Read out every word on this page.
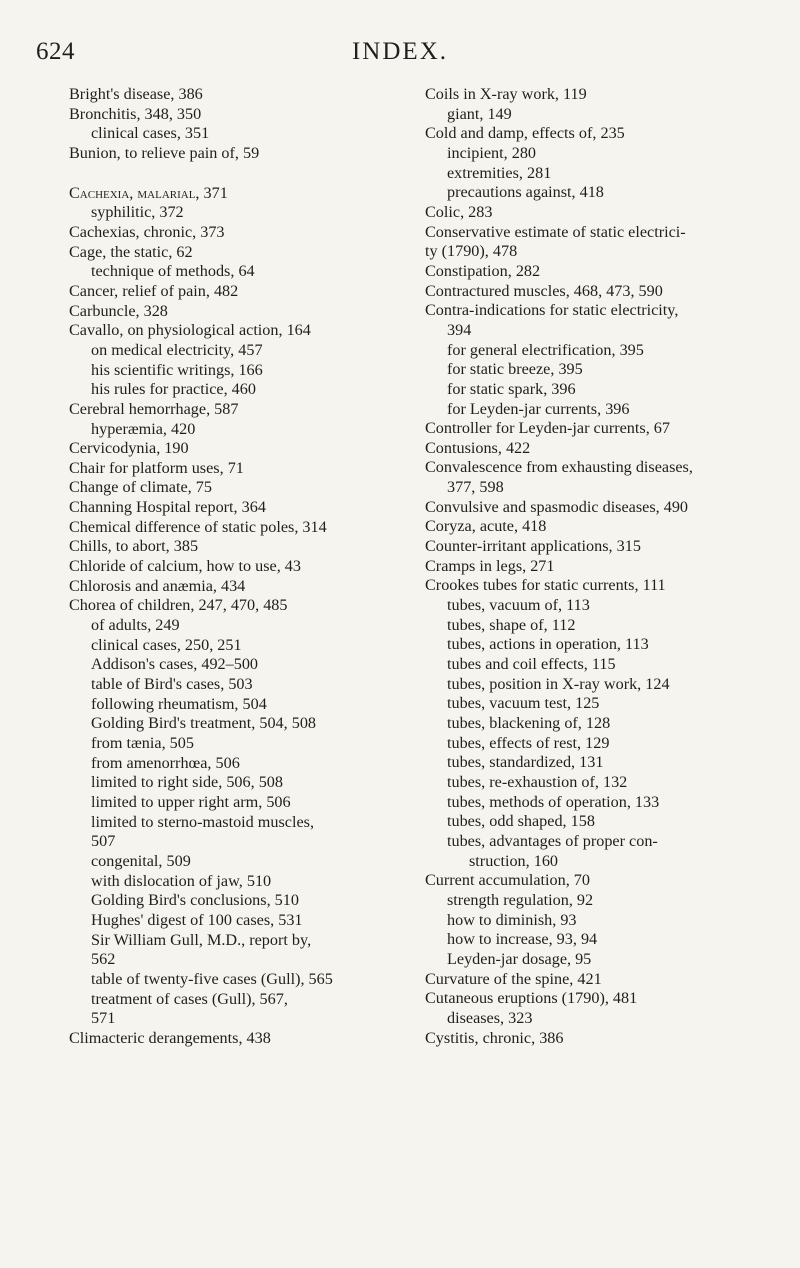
624	INDEX.
Bright's disease, 386
Bronchitis, 348, 350
clinical cases, 351
Bunion, to relieve pain of, 59
Cachexia, malarial, 371
syphilitic, 372
Cachexias, chronic, 373
Cage, the static, 62
technique of methods, 64
Cancer, relief of pain, 482
Carbuncle, 328
Cavallo, on physiological action, 164
on medical electricity, 457
his scientific writings, 166
his rules for practice, 460
Cerebral hemorrhage, 587
hyperæmia, 420
Cervicodynia, 190
Chair for platform uses, 71
Change of climate, 75
Channing Hospital report, 364
Chemical difference of static poles, 314
Chills, to abort, 385
Chloride of calcium, how to use, 43
Chlorosis and anæmia, 434
Chorea of children, 247, 470, 485
of adults, 249
clinical cases, 250, 251
Addison's cases, 492–500
table of Bird's cases, 503
following rheumatism, 504
Golding Bird's treatment, 504, 508
from tænia, 505
from amenorrhœa, 506
limited to right side, 506, 508
limited to upper right arm, 506
limited to sterno-mastoid muscles,
507
congenital, 509
with dislocation of jaw, 510
Golding Bird's conclusions, 510
Hughes' digest of 100 cases, 531
Sir William Gull, M.D., report by,
562
table of twenty-five cases (Gull), 565
treatment of cases (Gull), 567,
571
Climacteric derangements, 438
Coils in X-ray work, 119
giant, 149
Cold and damp, effects of, 235
incipient, 280
extremities, 281
precautions against, 418
Colic, 283
Conservative estimate of static electrici-
ty (1790), 478
Constipation, 282
Contractured muscles, 468, 473, 590
Contra-indications for static electricity,
394
for general electrification, 395
for static breeze, 395
for static spark, 396
for Leyden-jar currents, 396
Controller for Leyden-jar currents, 67
Contusions, 422
Convalescence from exhausting diseases,
377, 598
Convulsive and spasmodic diseases, 490
Coryza, acute, 418
Counter-irritant applications, 315
Cramps in legs, 271
Crookes tubes for static currents, 111
tubes, vacuum of, 113
tubes, shape of, 112
tubes, actions in operation, 113
tubes and coil effects, 115
tubes, position in X-ray work, 124
tubes, vacuum test, 125
tubes, blackening of, 128
tubes, effects of rest, 129
tubes, standardized, 131
tubes, re-exhaustion of, 132
tubes, methods of operation, 133
tubes, odd shaped, 158
tubes, advantages of proper con-
struction, 160
Current accumulation, 70
strength regulation, 92
how to diminish, 93
how to increase, 93, 94
Leyden-jar dosage, 95
Curvature of the spine, 421
Cutaneous eruptions (1790), 481
diseases, 323
Cystitis, chronic, 386
